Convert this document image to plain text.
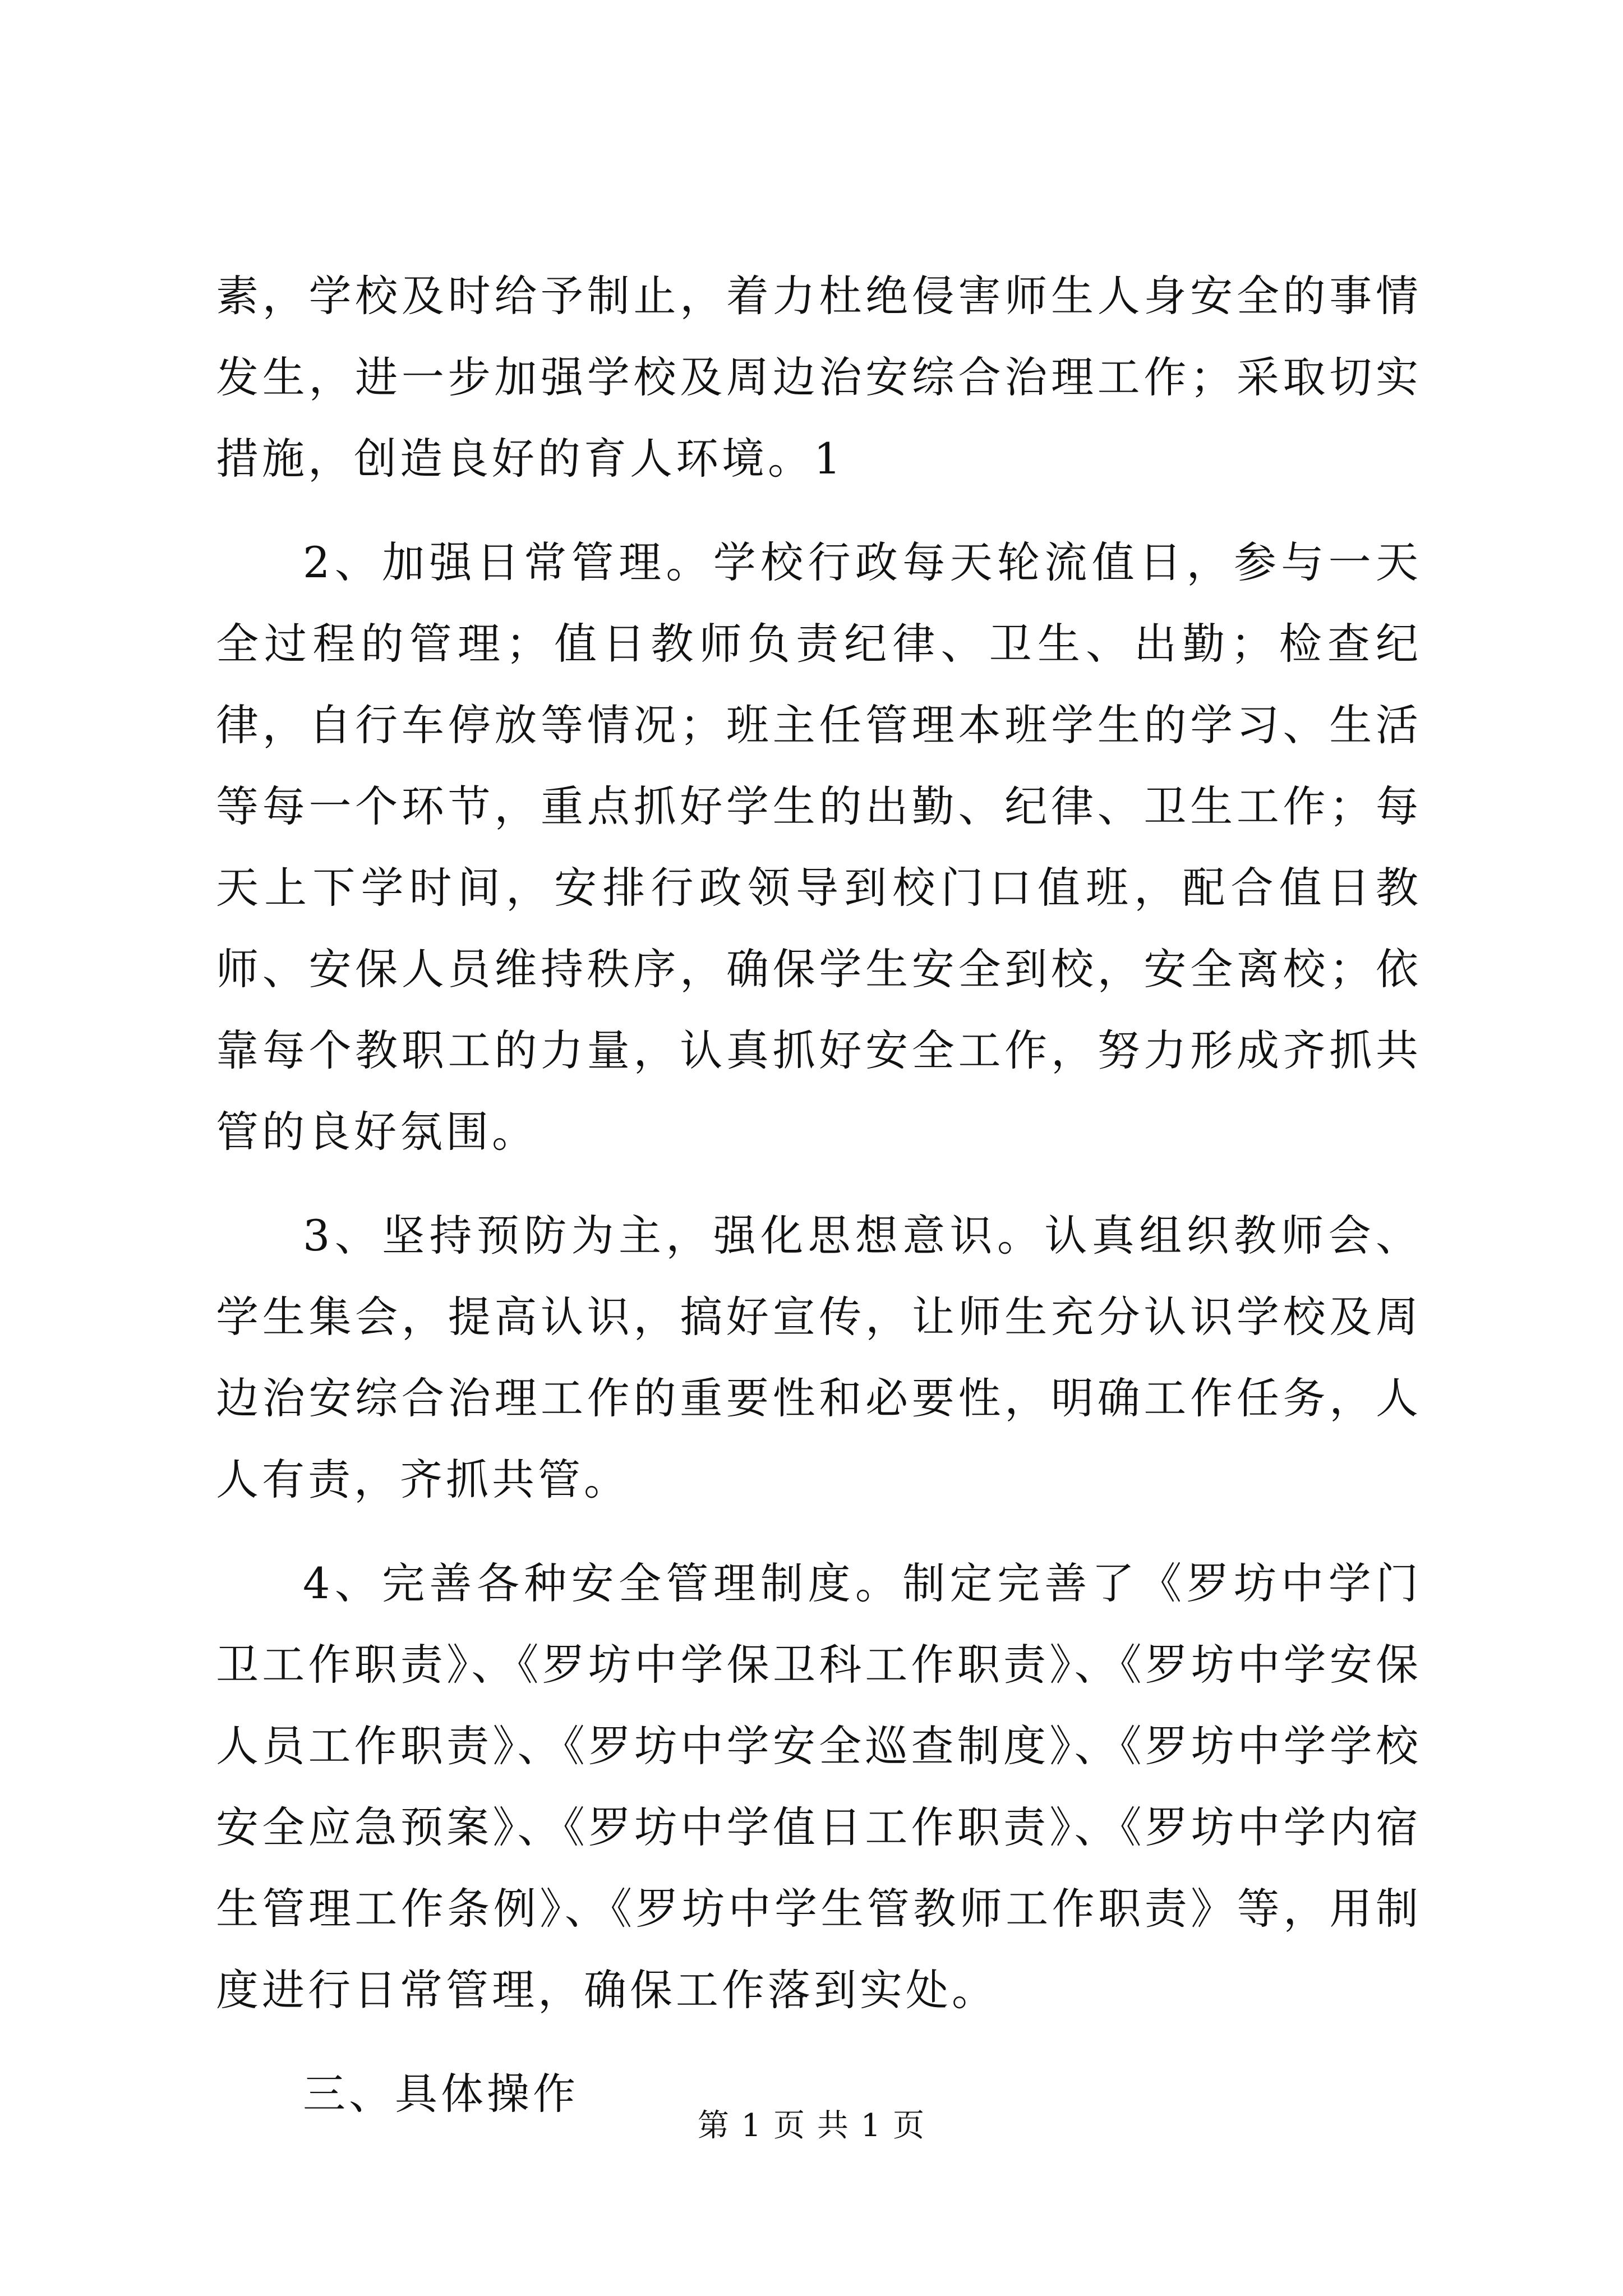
素，学校及时给予制止，着力杜绝侵害师生人身安全的事情发生，进一步加强学校及周边治安综合治理工作；采取切实措施，创造良好的育人环境。1

2、加强日常管理。学校行政每天轮流值日，参与一天全过程的管理；值日教师负责纪律、卫生、出勤；检查纪律，自行车停放等情况；班主任管理本班学生的学习、生活等每一个环节，重点抓好学生的出勤、纪律、卫生工作；每天上下学时间，安排行政领导到校门口值班，配合值日教师、安保人员维持秩序，确保学生安全到校，安全离校；依靠每个教职工的力量，认真抓好安全工作，努力形成齐抓共管的良好氛围。

3、坚持预防为主，强化思想意识。认真组织教师会、学生集会，提高认识，搞好宣传，让师生充分认识学校及周边治安综合治理工作的重要性和必要性，明确工作任务，人人有责，齐抓共管。

4、完善各种安全管理制度。制定完善了《罗坊中学门卫工作职责》、《罗坊中学保卫科工作职责》、《罗坊中学安保人员工作职责》、《罗坊中学安全巡查制度》、《罗坊中学学校安全应急预案》、《罗坊中学值日工作职责》、《罗坊中学内宿生管理工作条例》、《罗坊中学生管教师工作职责》等，用制度进行日常管理，确保工作落到实处。

三、具体操作

第 1 页 共 1 页
